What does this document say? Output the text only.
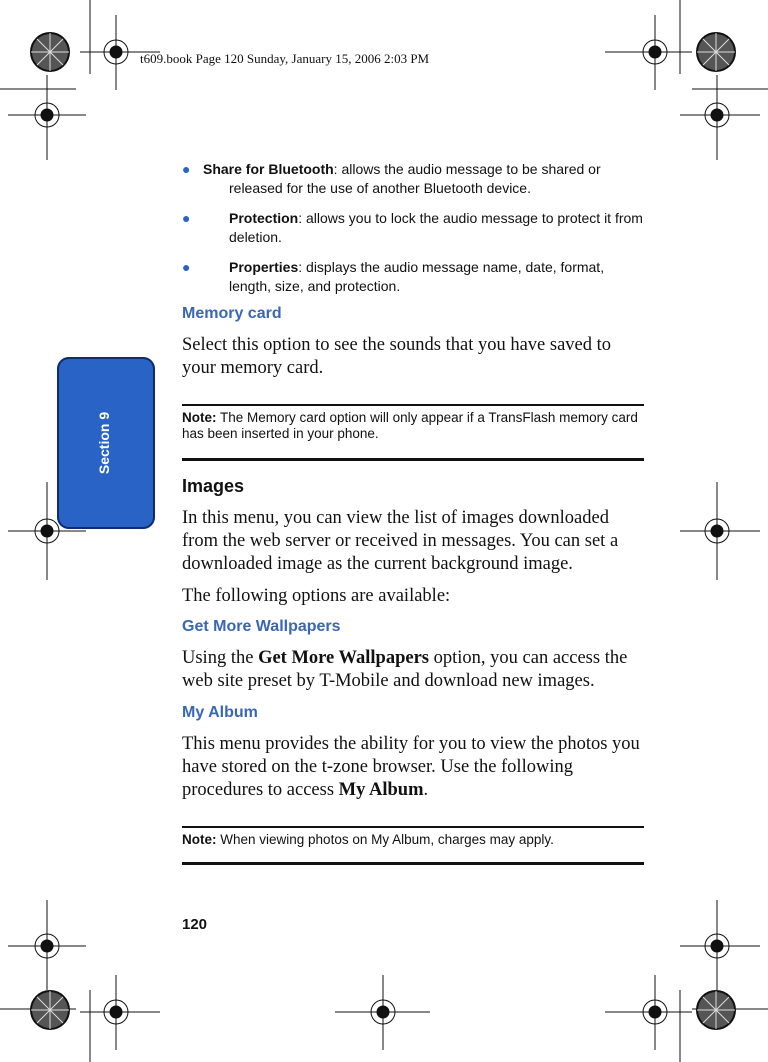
t609.book Page 120 Sunday, January 15, 2006 2:03 PM
Section 9
● Share for Bluetooth: allows the audio message to be shared or released for the use of another Bluetooth device.
●	Protection: allows you to lock the audio message to protect it from deletion.
●	Properties: displays the audio message name, date, format, length, size, and protection.
Memory card
Select this option to see the sounds that you have saved to your memory card.
Note: The Memory card option will only appear if a TransFlash memory card has been inserted in your phone.
Images
In this menu, you can view the list of images downloaded from the web server or received in messages. You can set a downloaded image as the current background image.
The following options are available:
Get More Wallpapers
Using the Get More Wallpapers option, you can access the web site preset by T-Mobile and download new images.
My Album
This menu provides the ability for you to view the photos you have stored on the t-zone browser. Use the following procedures to access My Album.
Note: When viewing photos on My Album, charges may apply.
120
